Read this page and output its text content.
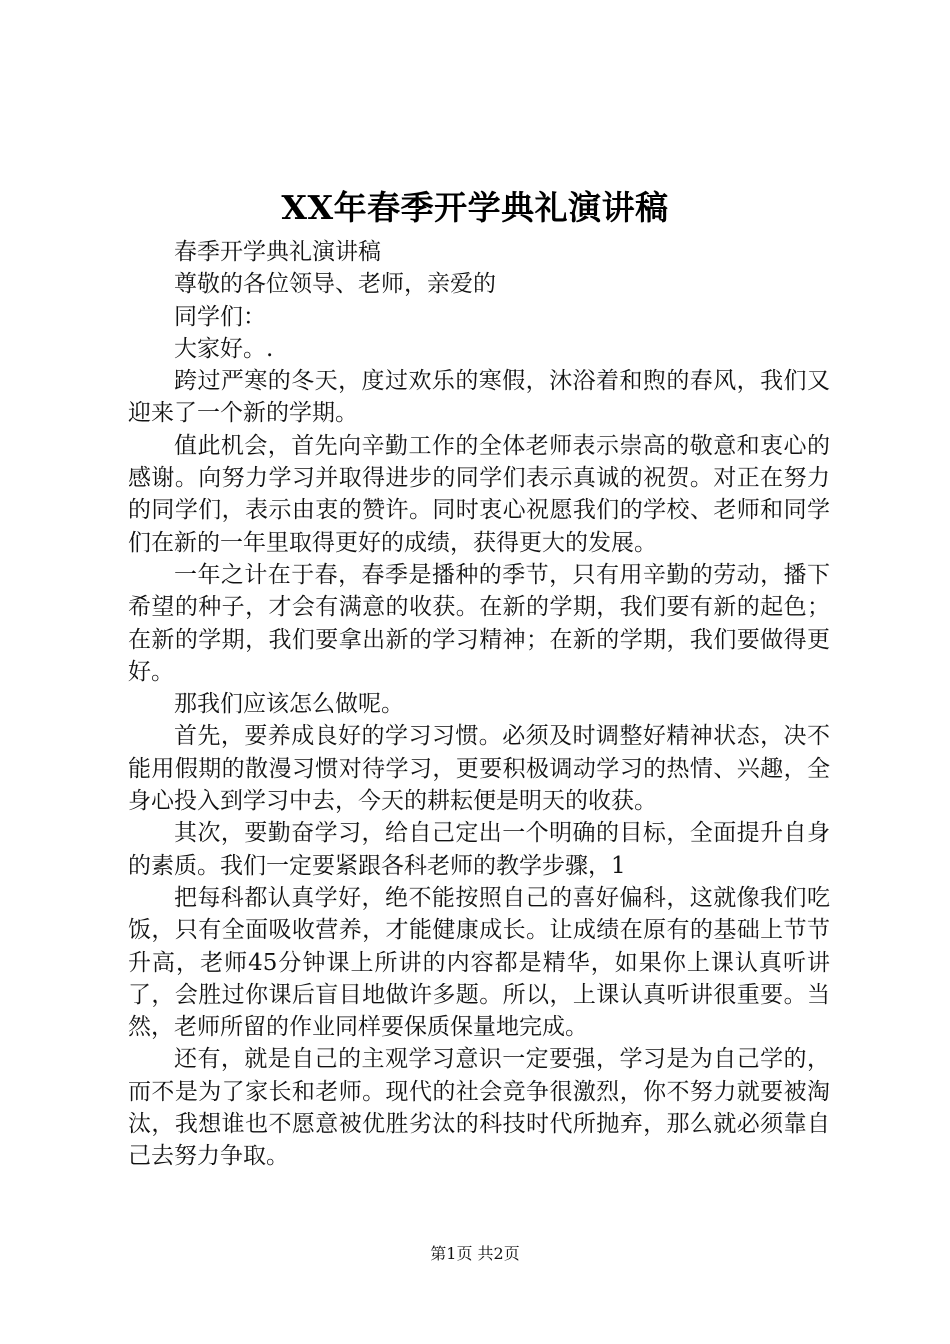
XX年春季开学典礼演讲稿

春季开学典礼演讲稿

尊敬的各位领导、老师，亲爱的

同学们：

大家好。.

跨过严寒的冬天，度过欢乐的寒假，沐浴着和煦的春风，我们又迎来了一个新的学期。

值此机会，首先向辛勤工作的全体老师表示崇高的敬意和衷心的感谢。向努力学习并取得进步的同学们表示真诚的祝贺。对正在努力的同学们，表示由衷的赞许。同时衷心祝愿我们的学校、老师和同学们在新的一年里取得更好的成绩，获得更大的发展。

一年之计在于春，春季是播种的季节，只有用辛勤的劳动，播下希望的种子，才会有满意的收获。在新的学期，我们要有新的起色；在新的学期，我们要拿出新的学习精神；在新的学期，我们要做得更好。

那我们应该怎么做呢。

首先，要养成良好的学习习惯。必须及时调整好精神状态，决不能用假期的散漫习惯对待学习，更要积极调动学习的热情、兴趣，全身心投入到学习中去，今天的耕耘便是明天的收获。

其次，要勤奋学习，给自己定出一个明确的目标，全面提升自身的素质。我们一定要紧跟各科老师的教学步骤，1

把每科都认真学好，绝不能按照自己的喜好偏科，这就像我们吃饭，只有全面吸收营养，才能健康成长。让成绩在原有的基础上节节升高，老师45分钟课上所讲的内容都是精华，如果你上课认真听讲了，会胜过你课后盲目地做许多题。所以，上课认真听讲很重要。当然，老师所留的作业同样要保质保量地完成。

还有，就是自己的主观学习意识一定要强，学习是为自己学的，而不是为了家长和老师。现代的社会竞争很激烈，你不努力就要被淘汰，我想谁也不愿意被优胜劣汰的科技时代所抛弃，那么就必须靠自己去努力争取。

第1页 共2页
